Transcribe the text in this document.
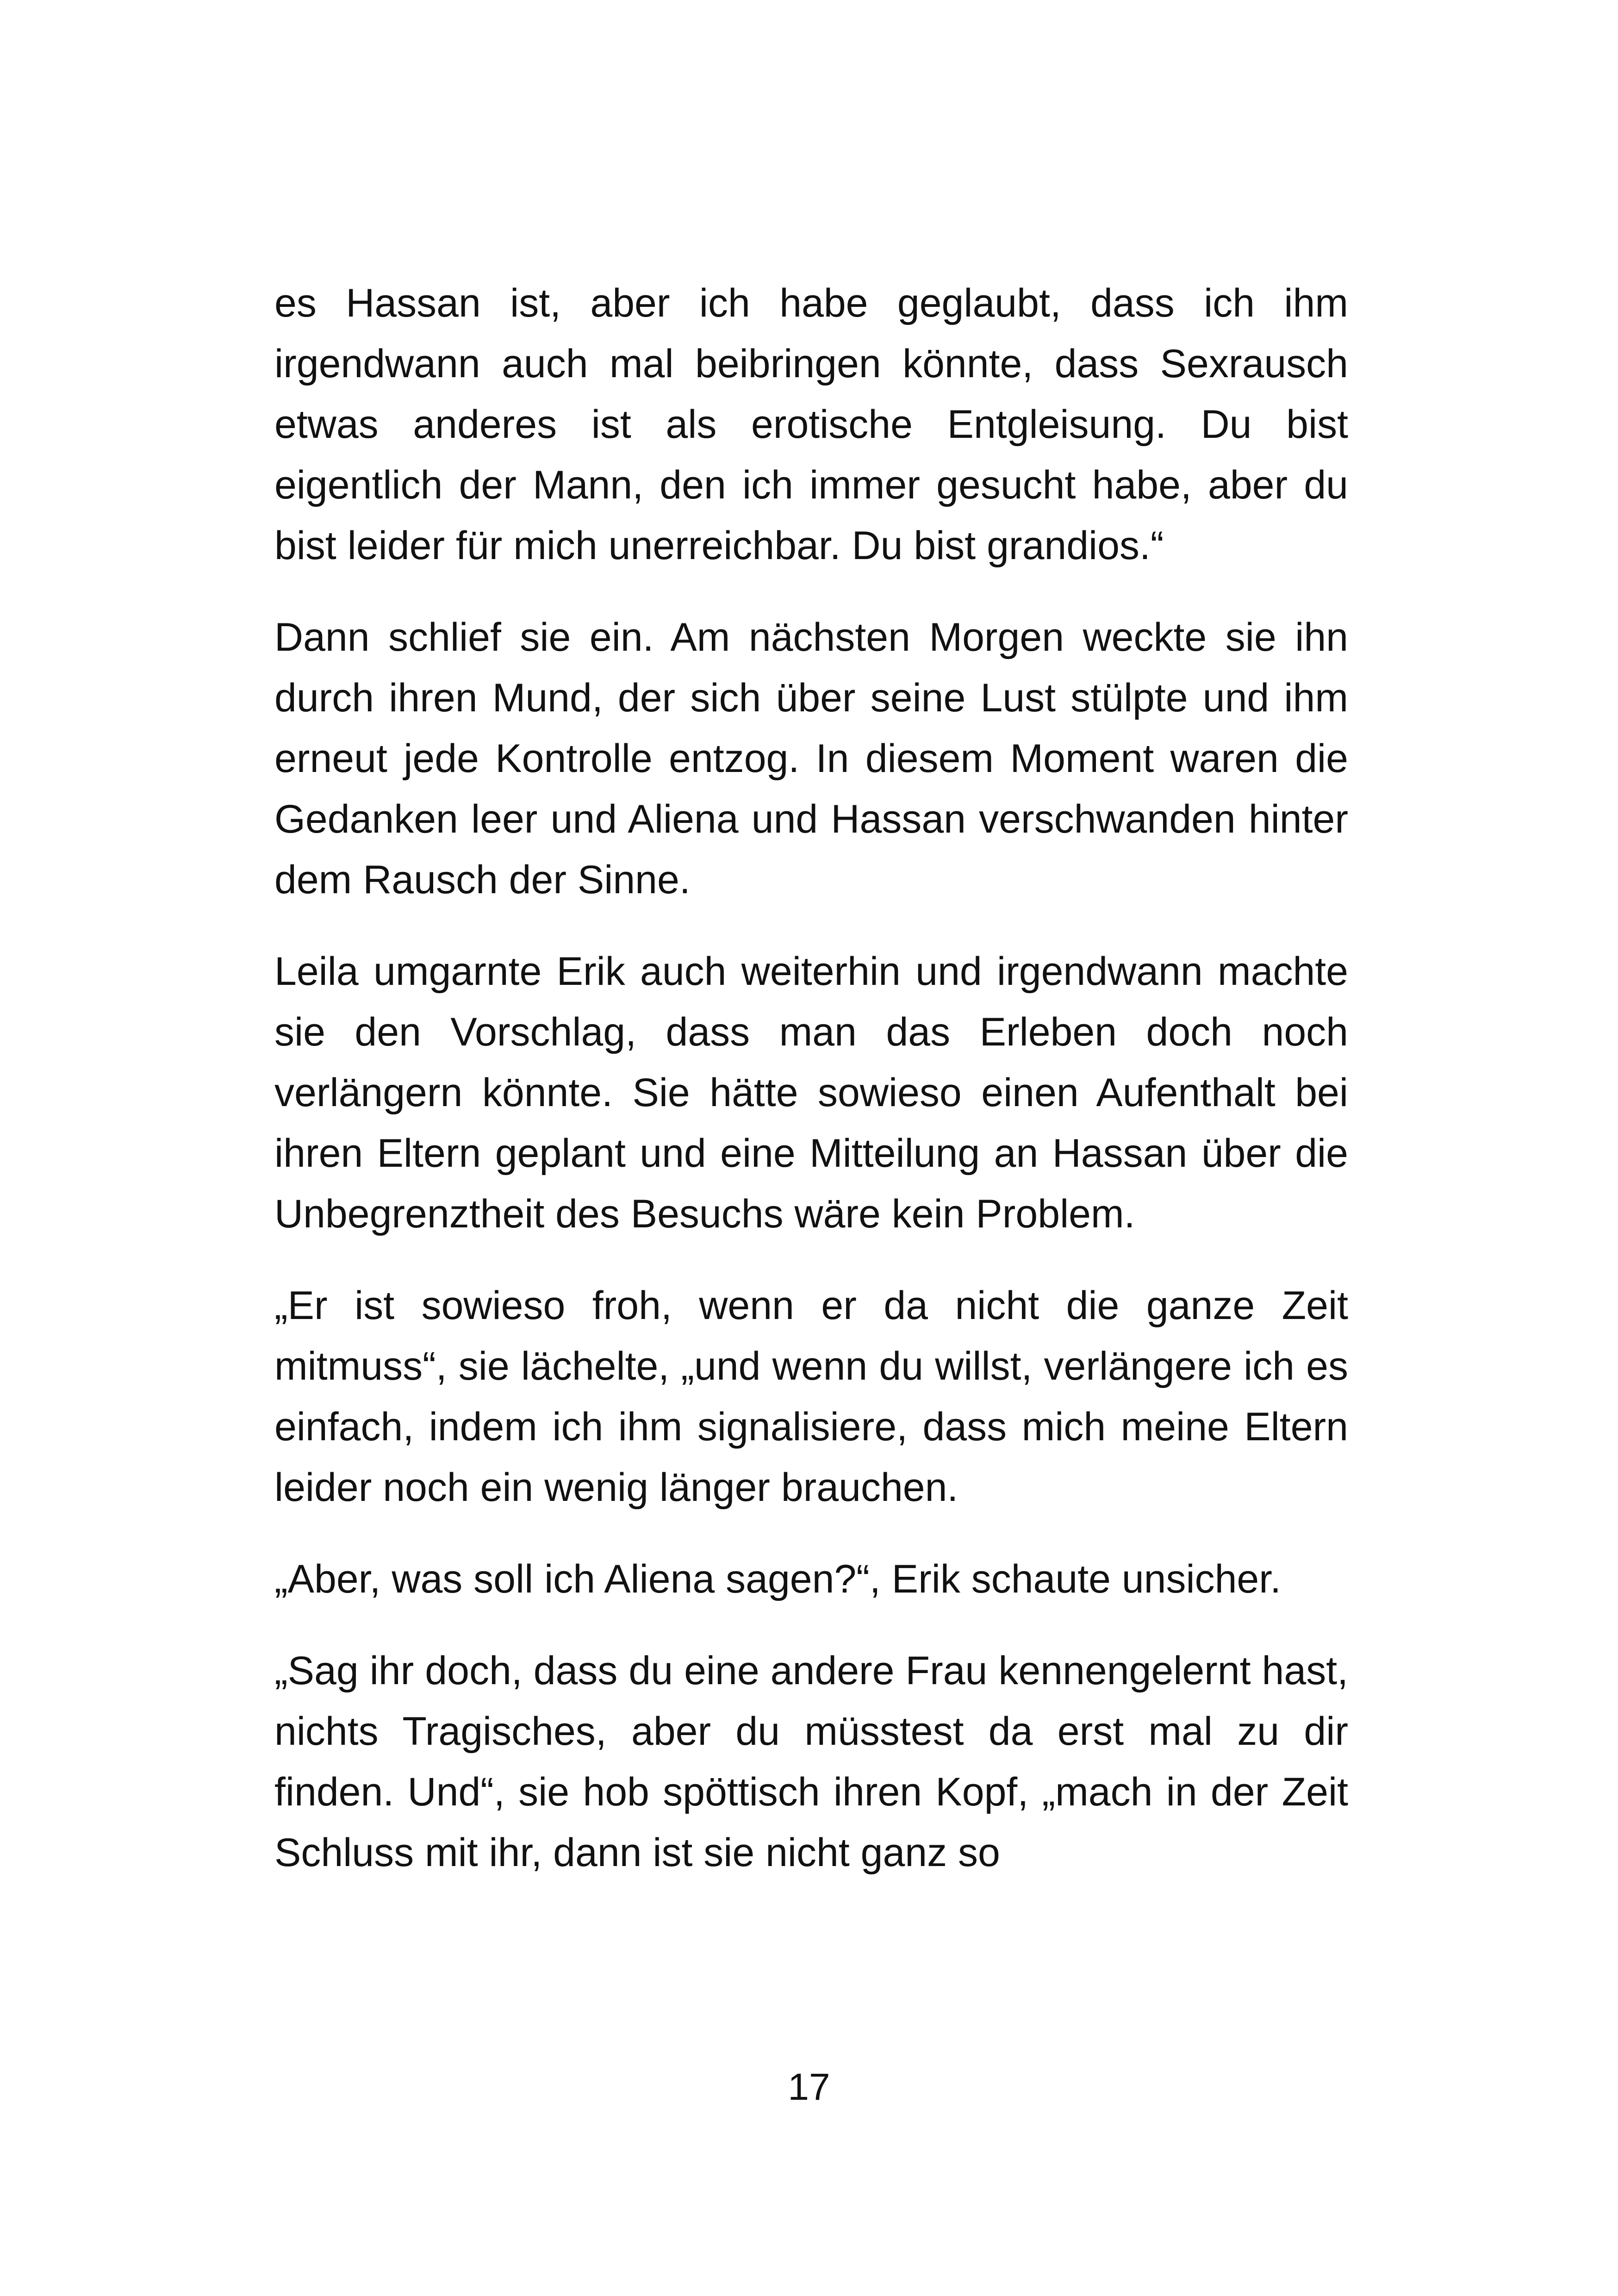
es Hassan ist, aber ich habe geglaubt, dass ich ihm irgendwann auch mal beibringen könnte, dass Sexrausch etwas anderes ist als erotische Entgleisung. Du bist eigentlich der Mann, den ich immer gesucht habe, aber du bist leider für mich unerreichbar. Du bist grandios.“

Dann schlief sie ein. Am nächsten Morgen weckte sie ihn durch ihren Mund, der sich über seine Lust stülpte und ihm erneut jede Kontrolle entzog. In diesem Moment waren die Gedanken leer und Aliena und Hassan verschwanden hinter dem Rausch der Sinne.

Leila umgarnte Erik auch weiterhin und irgendwann machte sie den Vorschlag, dass man das Erleben doch noch verlängern könnte. Sie hätte sowieso einen Aufenthalt bei ihren Eltern geplant und eine Mitteilung an Hassan über die Unbegrenztheit des Besuchs wäre kein Problem.

„Er ist sowieso froh, wenn er da nicht die ganze Zeit mitmuss“, sie lächelte, „und wenn du willst, verlängere ich es einfach, indem ich ihm signalisiere, dass mich meine Eltern leider noch ein wenig länger brauchen.

„Aber, was soll ich Aliena sagen?“, Erik schaute unsicher.

„Sag ihr doch, dass du eine andere Frau kennengelernt hast, nichts Tragisches, aber du müsstest da erst mal zu dir finden. Und“, sie hob spöttisch ihren Kopf, „mach in der Zeit Schluss mit ihr, dann ist sie nicht ganz so

17
